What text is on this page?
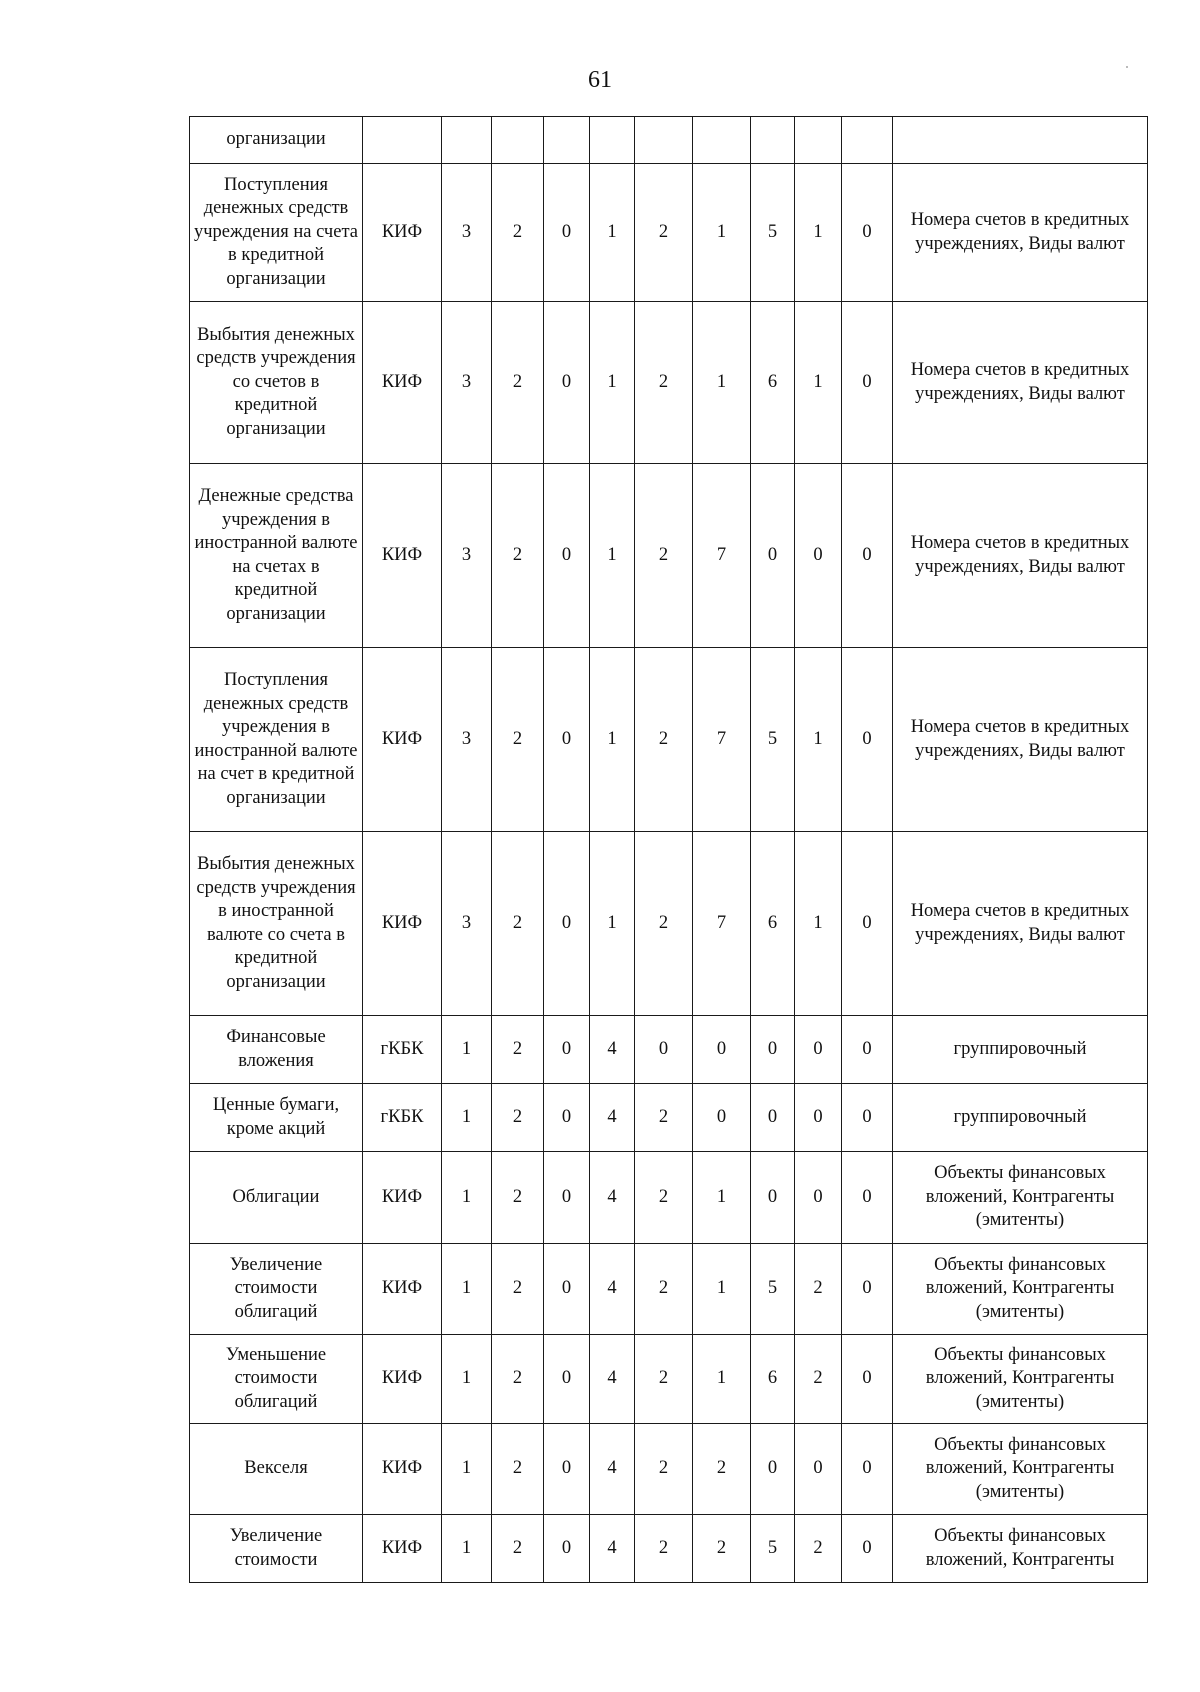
61
организации											
Поступления денежных средств учреждения на счета в кредитной организации	КИФ	3	2	0	1	2	1	5	1	0	Номера счетов в кредитных учреждениях, Виды валют
Выбытия денежных средств учреждения со счетов в кредитной организации	КИФ	3	2	0	1	2	1	6	1	0	Номера счетов в кредитных учреждениях, Виды валют
Денежные средства учреждения в иностранной валюте на счетах в кредитной организации	КИФ	3	2	0	1	2	7	0	0	0	Номера счетов в кредитных учреждениях, Виды валют
Поступления денежных средств учреждения в иностранной валюте на счет в кредитной организации	КИФ	3	2	0	1	2	7	5	1	0	Номера счетов в кредитных учреждениях, Виды валют
Выбытия денежных средств учреждения в иностранной валюте со счета в кредитной организации	КИФ	3	2	0	1	2	7	6	1	0	Номера счетов в кредитных учреждениях, Виды валют
Финансовые вложения	гКБК	1	2	0	4	0	0	0	0	0	группировочный
Ценные бумаги, кроме акций	гКБК	1	2	0	4	2	0	0	0	0	группировочный
Облигации	КИФ	1	2	0	4	2	1	0	0	0	Объекты финансовых вложений, Контрагенты (эмитенты)
Увеличение стоимости облигаций	КИФ	1	2	0	4	2	1	5	2	0	Объекты финансовых вложений, Контрагенты (эмитенты)
Уменьшение стоимости облигаций	КИФ	1	2	0	4	2	1	6	2	0	Объекты финансовых вложений, Контрагенты (эмитенты)
Векселя	КИФ	1	2	0	4	2	2	0	0	0	Объекты финансовых вложений, Контрагенты (эмитенты)
Увеличение стоимости	КИФ	1	2	0	4	2	2	5	2	0	Объекты финансовых вложений, Контрагенты
